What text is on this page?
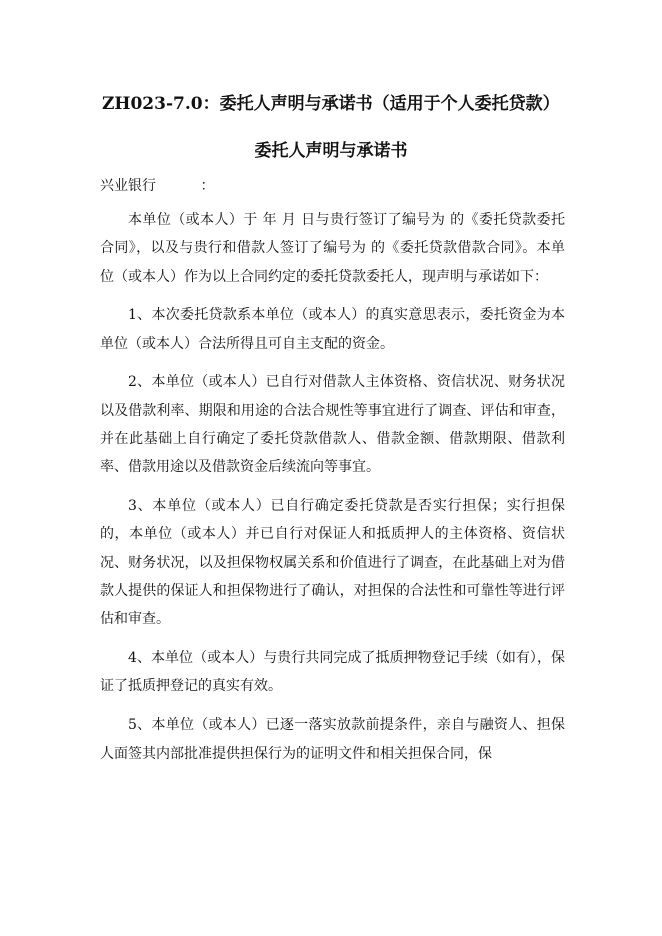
ZH023-7.0：委托人声明与承诺书（适用于个人委托贷款）
委托人声明与承诺书
兴业银行          ：

本单位（或本人）于 年 月 日与贵行签订了编号为 的《委托贷款委托合同》，以及与贵行和借款人签订了编号为 的《委托贷款借款合同》。本单位（或本人）作为以上合同约定的委托贷款委托人，现声明与承诺如下：

1、本次委托贷款系本单位（或本人）的真实意思表示，委托资金为本单位（或本人）合法所得且可自主支配的资金。

2、本单位（或本人）已自行对借款人主体资格、资信状况、财务状况以及借款利率、期限和用途的合法合规性等事宜进行了调查、评估和审查，并在此基础上自行确定了委托贷款借款人、借款金额、借款期限、借款利率、借款用途以及借款资金后续流向等事宜。

3、本单位（或本人）已自行确定委托贷款是否实行担保；实行担保的，本单位（或本人）并已自行对保证人和抵质押人的主体资格、资信状况、财务状况，以及担保物权属关系和价值进行了调查，在此基础上对为借款人提供的保证人和担保物进行了确认，对担保的合法性和可靠性等进行评估和审查。

4、本单位（或本人）与贵行共同完成了抵质押物登记手续（如有），保证了抵质押登记的真实有效。

5、本单位（或本人）已逐一落实放款前提条件，亲自与融资人、担保人面签其内部批准提供担保行为的证明文件和相关担保合同，保
